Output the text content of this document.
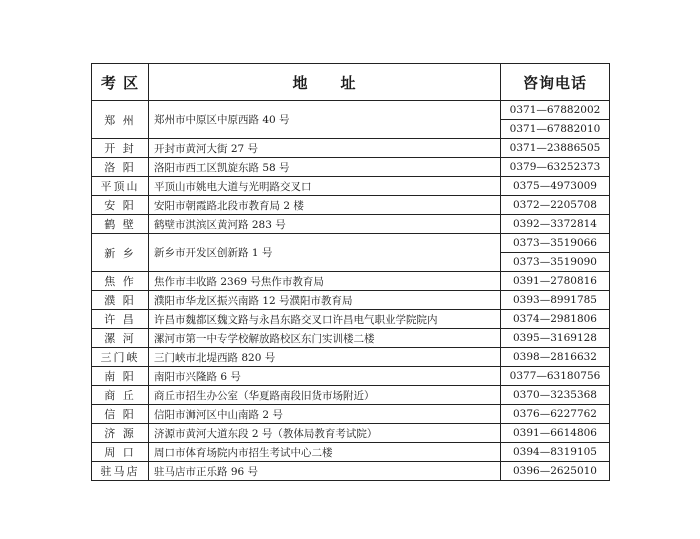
考 区	地　　址	咨询电话
郑 州	郑州市中原区中原西路 40 号	0371—67882002
0371—67882010

开 封	开封市黄河大街 27 号	0371—23886505

洛 阳	洛阳市西工区凯旋东路 58 号	0379—63252373

平顶山	平顶山市姚电大道与光明路交叉口	0375—4973009

安 阳	安阳市朝霞路北段市教育局 2 楼	0372—2205708

鹤 壁	鹤壁市淇滨区黄河路 283 号	0392—3372814

新 乡	新乡市开发区创新路 1 号	0373—3519066
0373—3519090

焦 作	焦作市丰收路 2369 号焦作市教育局	0391—2780816

濮 阳	濮阳市华龙区振兴南路 12 号濮阳市教育局	0393—8991785

许 昌	许昌市魏都区魏文路与永昌东路交叉口许昌电气职业学院院内	0374—2981806

漯 河	漯河市第一中专学校解放路校区东门实训楼二楼	0395—3169128

三门峡	三门峡市北堤西路 820 号	0398—2816632

南 阳	南阳市兴隆路 6 号	0377—63180756

商 丘	商丘市招生办公室（华夏路南段旧货市场附近）	0370—3235368

信 阳	信阳市浉河区中山南路 2 号	0376—6227762

济 源	济源市黄河大道东段 2 号（教体局教育考试院）	0391—6614806

周 口	周口市体育场院内市招生考试中心二楼	0394—8319105

驻马店	驻马店市正乐路 96 号	0396—2625010
